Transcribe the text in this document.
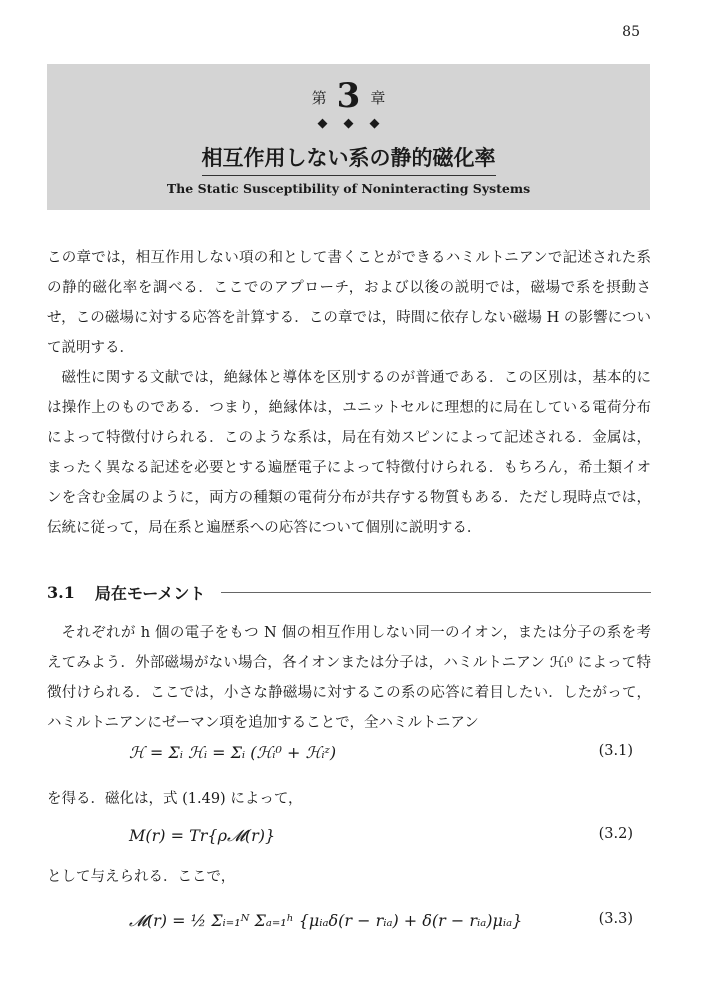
85
第 3 章
◆◆◆
相互作用しない系の静的磁化率
The Static Susceptibility of Noninteracting Systems
この章では，相互作用しない項の和として書くことができるハミルトニアンで記述された系の静的磁化率を調べる．ここでのアプローチ，および以後の説明では，磁場で系を摂動させ，この磁場に対する応答を計算する．この章では，時間に依存しない磁場 H の影響について説明する．
磁性に関する文献では，絶縁体と導体を区別するのが普通である．この区別は，基本的には操作上のものである．つまり，絶縁体は，ユニットセルに理想的に局在している電荷分布によって特徴付けられる．このような系は，局在有効スピンによって記述される．金属は，まったく異なる記述を必要とする遍歴電子によって特徴付けられる．もちろん，希土類イオンを含む金属のように，両方の種類の電荷分布が共存する物質もある．ただし現時点では，伝統に従って，局在系と遍歴系への応答について個別に説明する．
3.1 局在モーメント
それぞれが h 個の電子をもつ N 個の相互作用しない同一のイオン，または分子の系を考えてみよう．外部磁場がない場合，各イオンまたは分子は，ハミルトニアン ℋᵢ⁰ によって特徴付けられる．ここでは，小さな静磁場に対するこの系の応答に着目したい．したがって，ハミルトニアンにゼーマン項を追加することで，全ハミルトニアン
ℋ = Σᵢ ℋᵢ = Σᵢ (ℋᵢ⁰ + ℋᵢᶻ)	(3.1)
を得る．磁化は，式 (1.49) によって，
M(r) = Tr{ρ𝓜(r)}	(3.2)
として与えられる．ここで，
𝓜(r) = ½ Σᵢ₌₁ᴺ Σₐ₌₁ʰ {μᵢₐδ(r − rᵢₐ) + δ(r − rᵢₐ)μᵢₐ}	(3.3)
